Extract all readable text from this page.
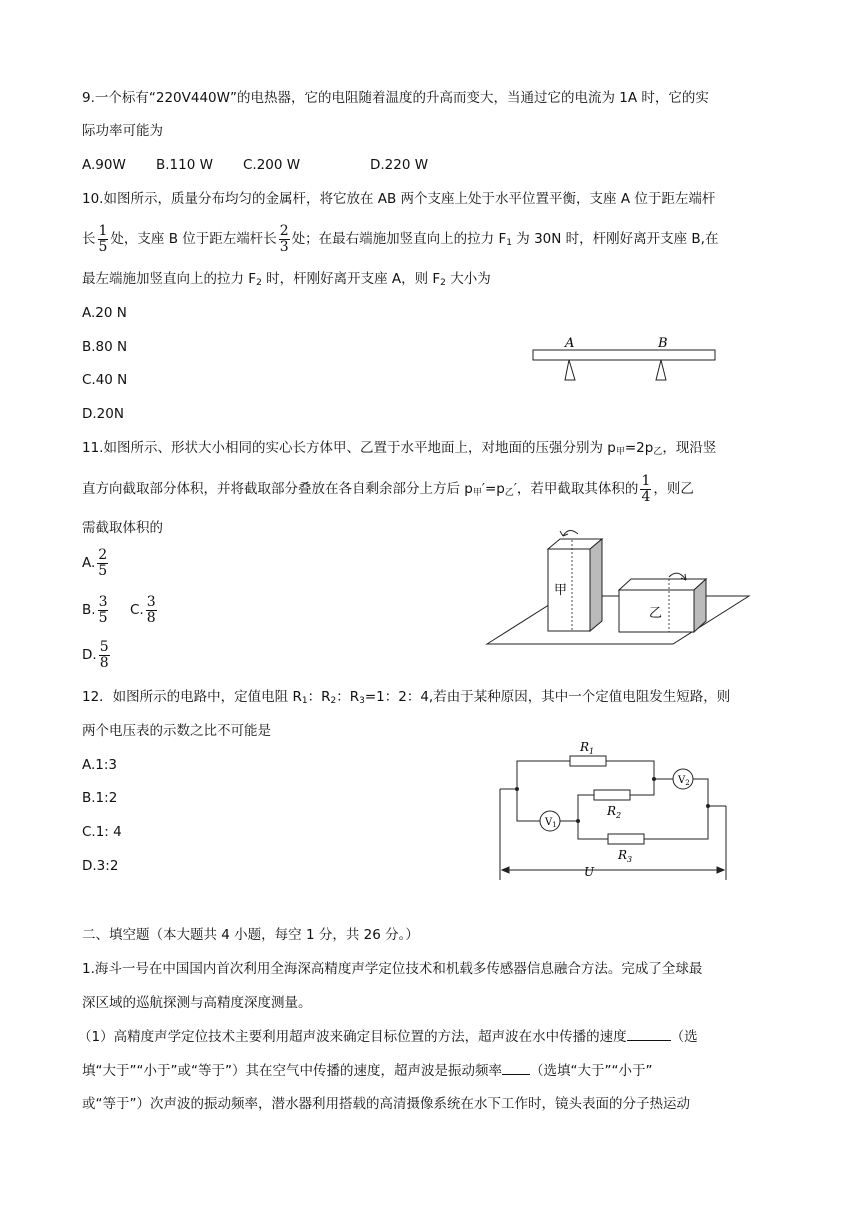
9.一个标有“220V440W”的电热器，它的电阻随着温度的升高而变大，当通过它的电流为 1A 时，它的实
际功率可能为
A.90W B.110 W C.200 W	D.220 W
10.如图所示，质量分布均匀的金属杆，将它放在 AB 两个支座上处于水平位置平衡，支座 A 位于距左端杆
长 $\frac{1}{5}$ 处，支座 B 位于距左端杆长 $\frac{2}{3}$ 处；在最右端施加竖直向上的拉力 $F_1$ 为 30N 时，杆刚好离开支座 B,在
最左端施加竖直向上的拉力 $F_2$ 时，杆刚好离开支座 A，则 $F_2$ 大小为
A.20 N
B.80 N
C.40 N
D.20N
A	B
11.如图所示、形状大小相同的实心长方体甲、乙置于水平地面上，对地面的压强分别为 $p_甲=2p_乙$，现沿竖
直方向截取部分体积，并将截取部分叠放在各自剩余部分上方后 $p_甲'=p_乙'$，若甲截取其体积的 $\frac{1}{4}$ ，则乙
需截取体积的
A. $\frac{2}{5}$
B. $\frac{3}{5} C$. $\frac{3}{8}$
D. $\frac{5}{8}$
甲
乙
12．如图所示的电路中，定值电阻 $R_1$：$R_2$：$R_3=1$：2：4,若由于某种原因，其中一个定值电阻发生短路，则
两个电压表的示数之比不可能是
A.1:3
B.1:2
C.1: 4
D.3:2
$R_1$
$R_2$
$R_3$
$V_1$
$V_2$
U
二、填空题（本大题共 4 小题，每空 1 分，共 26 分。）
1.海斗一号在中国国内首次利用全海深高精度声学定位技术和机载多传感器信息融合方法。完成了全球最
深区域的巡航探测与高精度深度测量。
（1）高精度声学定位技术主要利用超声波来确定目标位置的方法，超声波在水中传播的速度	（选
填“大于”“小于”或“等于”）其在空气中传播的速度，超声波是振动频率 （选填“大于”“小于”
或“等于”）次声波的振动频率，潜水器利用搭载的高清摄像系统在水下工作时，镜头表面的分子热运动
